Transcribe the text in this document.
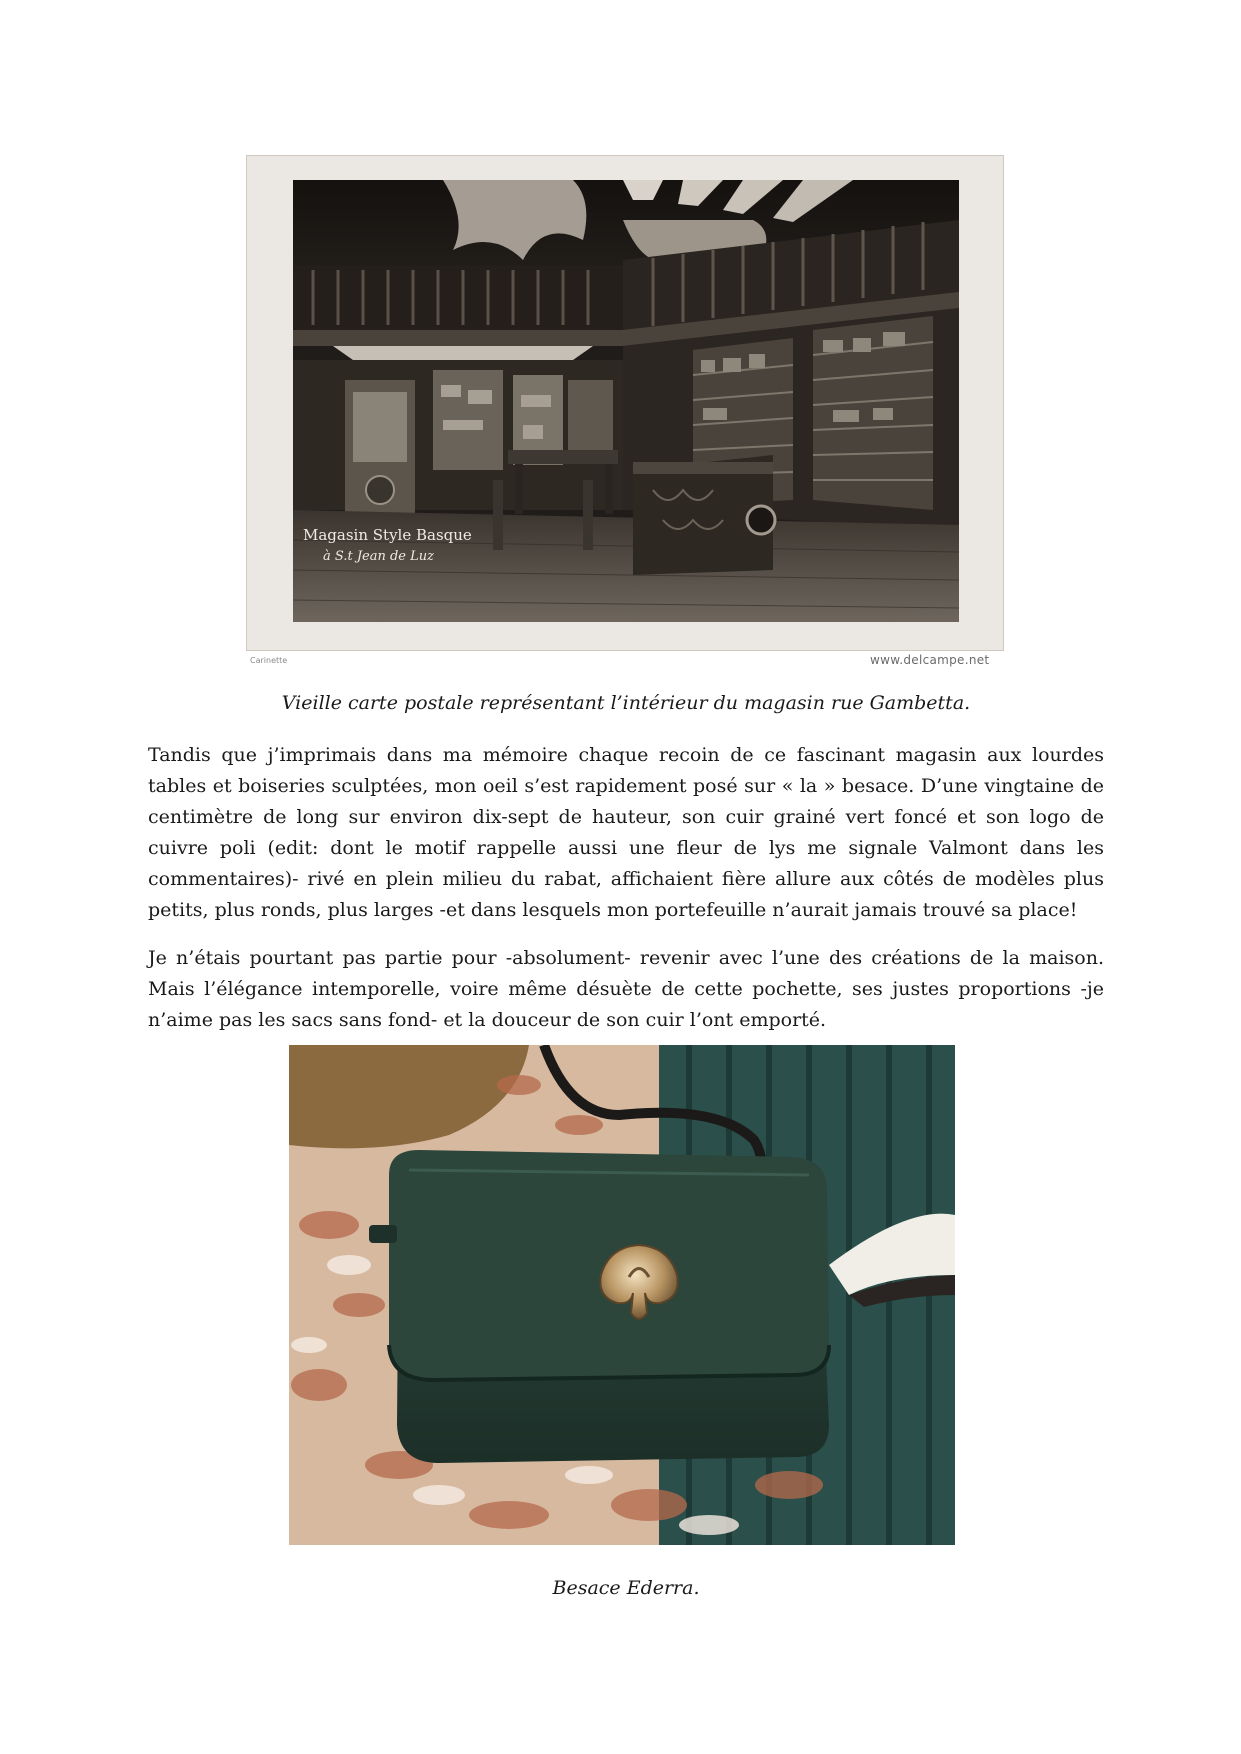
Magasin Style Basque
à S.t Jean de Luz
Carinette	www.delcampe.net
Vieille carte postale représentant l’intérieur du magasin rue Gambetta.

Tandis que j’imprimais dans ma mémoire chaque recoin de ce fascinant magasin aux lourdes tables et boiseries sculptées, mon oeil s’est rapidement posé sur « la » besace. D’une vingtaine de centimètre de long sur environ dix-sept de hauteur, son cuir grainé vert foncé et son logo de cuivre poli (edit: dont le motif rappelle aussi une fleur de lys me signale Valmont dans les commentaires)- rivé en plein milieu du rabat, affichaient fière allure aux côtés de modèles plus petits, plus ronds, plus larges -et dans lesquels mon portefeuille n’aurait jamais trouvé sa place!

Je n’étais pourtant pas partie pour -absolument- revenir avec l’une des créations de la maison. Mais l’élégance intemporelle, voire même désuète de cette pochette, ses justes proportions -je n’aime pas les sacs sans fond- et la douceur de son cuir l’ont emporté.

Besace Ederra.
